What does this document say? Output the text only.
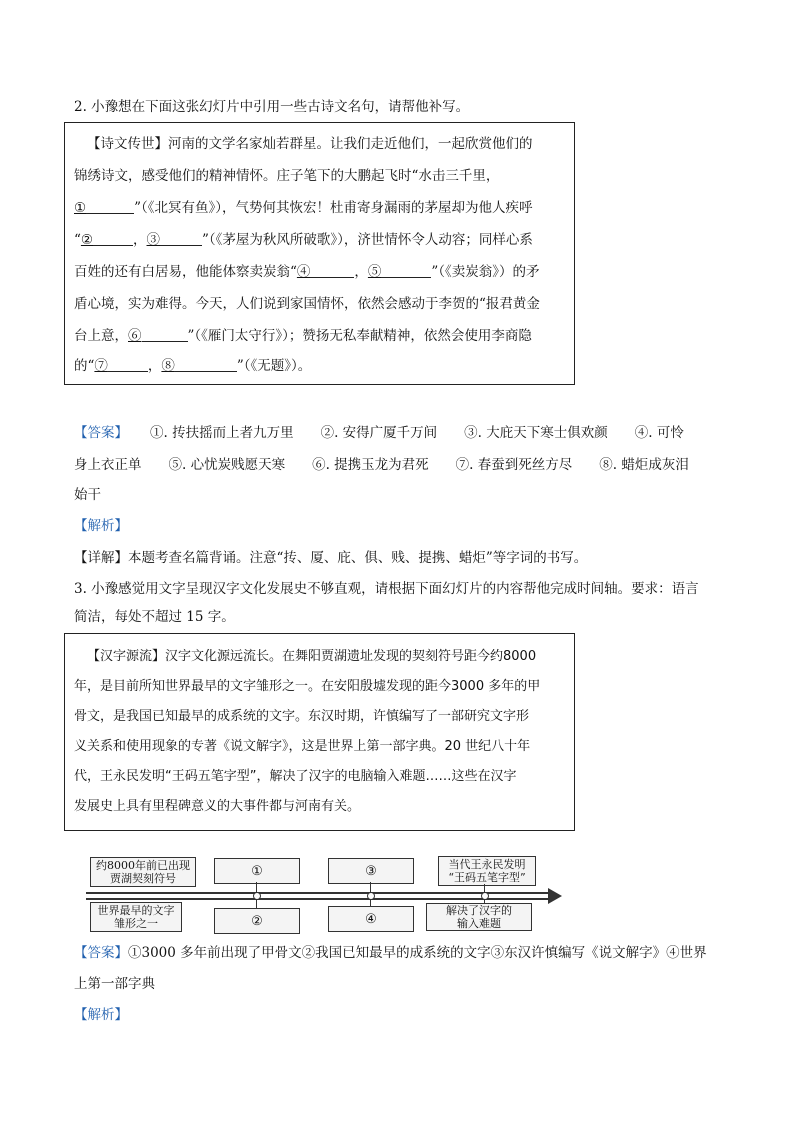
2. 小豫想在下面这张幻灯片中引用一些古诗文名句，请帮他补写。
【诗文传世】河南的文学名家灿若群星。让我们走近他们，一起欣赏他们的
锦绣诗文，感受他们的精神情怀。庄子笔下的大鹏起飞时“水击三千里，
①	”（《北冥有鱼》），气势何其恢宏！杜甫寄身漏雨的茅屋却为他人疾呼
“②	，③	”（《茅屋为秋风所破歌》），济世情怀令人动容；同样心系
百姓的还有白居易，他能体察卖炭翁“④	，⑤	”（《卖炭翁》）的矛
盾心境，实为难得。今天，人们说到家国情怀，依然会感动于李贺的“报君黄金
台上意，⑥	”（《雁门太守行》）；赞扬无私奉献精神，依然会使用李商隐
的“⑦	，⑧	”（《无题》）。
【答案】 ①. 抟扶摇而上者九万里　　②. 安得广厦千万间　　③. 大庇天下寒士俱欢颜　　④. 可怜
身上衣正单　　⑤. 心忧炭贱愿天寒　　⑥. 提携玉龙为君死　　⑦. 春蚕到死丝方尽　　⑧. 蜡炬成灰泪
始干
【解析】
【详解】本题考查名篇背诵。注意“抟、厦、庇、俱、贱、提携、蜡炬”等字词的书写。
3. 小豫感觉用文字呈现汉字文化发展史不够直观，请根据下面幻灯片的内容帮他完成时间轴。要求：语言
简洁，每处不超过 15 字。
【汉字源流】汉字文化源远流长。在舞阳贾湖遗址发现的契刻符号距今约8000
年，是目前所知世界最早的文字雏形之一。在安阳殷墟发现的距今3000 多年的甲
骨文，是我国已知最早的成系统的文字。东汉时期，许慎编写了一部研究文字形
义关系和使用现象的专著《说文解字》，这是世界上第一部字典。20 世纪八十年
代，王永民发明“王码五笔字型”，解决了汉字的电脑输入难题……这些在汉字
发展史上具有里程碑意义的大事件都与河南有关。
约8000年前已出现
贾湖契刻符号
世界最早的文字
雏形之一
①
②
③
④
当代王永民发明
“王码五笔字型”
解决了汉字的
输入难题
【答案】①3000 多年前出现了甲骨文②我国已知最早的成系统的文字③东汉许慎编写《说文解字》④世界
上第一部字典
【解析】
